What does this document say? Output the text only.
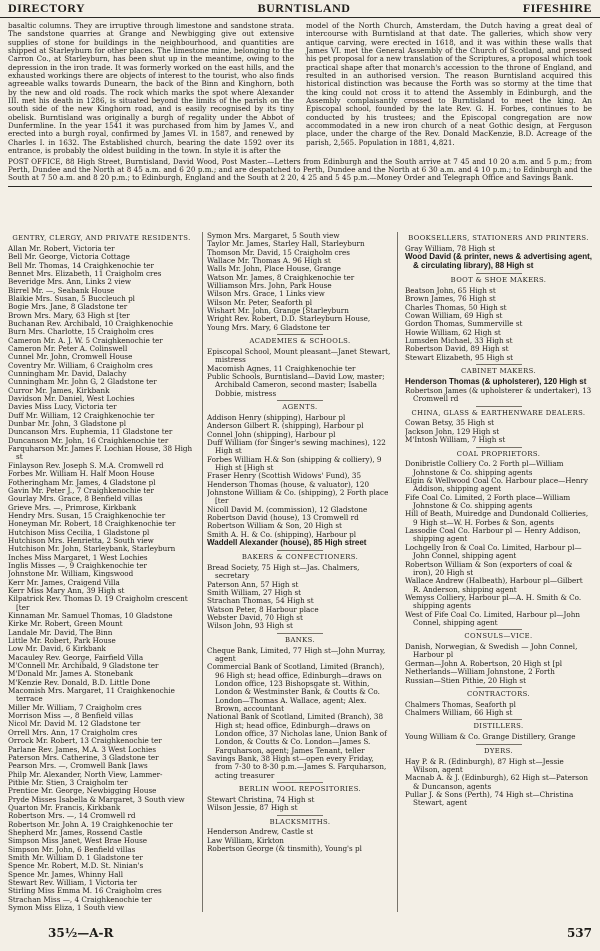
DIRECTORY	BURNTISLAND	FIFESHIRE
basaltic columns. They are irruptive through limestone and sandstone strata. The sandstone quarries at Grange and Newbigging give out extensive supplies of stone for buildings in the neighbourhood, and quantities are shipped at Starleyburn for other places. The limestone mine, belonging to the Carron Co., at Starleyburn, has been shut up in the meantime, owing to the depression in the iron trade. It was formerly worked on the east hills, and the exhausted workings there are objects of interest to the tourist, who also finds agreeable walks towards Dunearn, the back of the Binn and Kinghorn, both by the new and old roads. The rock which marks the spot where Alexander III. met his death in 1286, is situated beyond the limits of the parish on the south side of the new Kinghorn road, and is easily recognised by its tiny obelisk. Burntisland was originally a burgh of regality under the Abbot of Dunfermline. In the year 1541 it was purchased from him by James V., and erected into a burgh royal, confirmed by James VI. in 1587, and renewed by Charles I. in 1632. The Established church, bearing the date 1592 over its entrance, is probably the oldest building in the town. In style it is after the
model of the North Church, Amsterdam, the Dutch having a great deal of intercourse with Burntisland at that date. The galleries, which show very antique carving, were erected in 1618, and it was within these walls that James VI. met the General Assembly of the Church of Scotland, and pressed his pet proposal for a new translation of the Scriptures, a proposal which took practical shape after that monarch's accession to the throne of England, and resulted in an authorised version. The reason Burntisland acquired this historical distinction was because the Forth was so stormy at the time that the king could not cross it to attend the Assembly in Edinburgh, and the Assembly complaisantly crossed to Burntisland to meet the king. An Episcopal school, founded by the late Rev. G. H. Forbes, continues to be conducted by his trustees; and the Episcopal congregation are now accommodated in a new iron church of a neat Gothic design, at Ferguson place, under the charge of the Rev. Donald MacKenzie, B.D. Acreage of the parish, 2,565. Population in 1881, 4,821.
POST OFFICE, 88 High Street, Burntisland, David Wood, Post Master.—Letters from Edinburgh and the South arrive at 7 45 and 10 20 a.m. and 5 p.m.; from Perth, Dundee and the North at 8 45 a.m. and 6 20 p.m.; and are despatched to Perth, Dundee and the North at 6 30 a.m. and 4 10 p.m.; to Edinburgh and the South at 7 50 a.m. and 8 20 p.m.; to Edinburgh, England and the South at 2 20, 4 25 and 5 45 p.m.—Money Order and Telegraph Office and Savings Bank.
GENTRY, CLERGY, AND PRIVATE RESIDENTS.
Allan Mr. Robert, Victoria ter
Bell Mr. George, Victoria Cottage
Bell Mr. Thomas, 14 Craighkenochie ter
Bennet Mrs. Elizabeth, 11 Craigholm cres
Beveridge Mrs. Ann, Links 2 view
Birrel Mr. —, Seabank House
Blaikie Mrs. Susan, 5 Buccleuch pl
Bogie Mrs. Jane, 8 Gladstone ter
Brown Mrs. Mary, 63 High st [ter
Buchanan Rev. Archibald, 10 Craighkenochie
Burn Mrs. Charlotte, 15 Craigholm cres
Cameron Mr. A. J. W. 5 Craighkenochie ter
Cameron Mr. Peter A. Colinswell
Cunnel Mr. John, Cromwell House
Coventry Mr. William, 6 Craigholm cres
Cunningham Mr. David, Dalachy
Cunningham Mr. John G, 2 Gladstone ter
Curror Mr. James, Kirkbank
Davidson Mr. Daniel, West Lochies
Davies Miss Lucy, Victoria ter
Duff Mr. William, 12 Craighkenochie ter
Dunbar Mr. John, 3 Gladstone pl
Duncanson Mrs. Euphemia, 11 Gladstone ter
Duncanson Mr. John, 16 Craighkenochie ter
Farquharson Mr. James F. Lochian House, 38 High st
Finlayson Rev. Joseph S. M.A. Cromwell rd
Forbes Mr. William H. Half Moon House
Fotheringham Mr. James, 4 Gladstone pl
Gavin Mr. Peter J., 7 Craighkenochie ter
Gourlay Mrs. Grace, 8 Benfield villas
Grieve Mrs. —, Primrose, Kirkbank
Hendry Mrs. Susan, 15 Craighkenochie ter
Honeyman Mr. Robert, 18 Craighkenochie ter
Hutchison Miss Cecilia, 1 Gladstone pl
Hutchison Mrs. Henrietta, 2 South view
Hutchison Mr. John, Starleybank, Starleyburn
Inches Miss Margaret, 1 West Lochies
Inglis Misses —, 9 Craighkenochie ter
Johnstone Mr. William, Kingswood
Kerr Mr. James, Craigend Villa
Kerr Miss Mary Ann, 39 High st
Kilpatrick Rev. Thomas D. 19 Craigholm crescent [ter
Kinnaman Mr. Samuel Thomas, 10 Gladstone
Kirke Mr. Robert, Green Mount
Landale Mr. David, The Binn
Little Mr. Robert, Park House
Low Mr. David, 6 Kirkbank
Macauley Rev. George, Fairfield Villa
M'Connell Mr. Archibald, 9 Gladstone ter
M'Donald Mr. James A. Stonebank
M'Kenzie Rev. Donald, B.D. Little Done
Macomish Mrs. Margaret, 11 Craighkenochie terrace
Miller Mr. William, 7 Craigholm cres
Morrison Miss —, 8 Benfield villas
Nicol Mr. David M. 12 Gladstone ter
Orrell Mrs. Ann, 17 Craigholm cres
Orrock Mr. Robert, 13 Craighkenochie ter
Parlane Rev. James, M.A. 3 West Lochies
Paterson Mrs. Catherine, 3 Gladstone ter
Pearson Mrs. —, Cromwell Bank [laws
Philp Mr. Alexander, North View, Lammer-
Pitbie Mr. Stien, 3 Craigholm ter
Prentice Mr. George, Newbigging House
Pryde Misses Isabella & Margaret, 3 South view
Quarton Mr. Francis, Kirkbank
Robertson Mrs. —, 14 Cromwell rd
Robertson Mr. John A. 19 Craighkenochie ter
Shepherd Mr. James, Rossend Castle
Simpson Miss Janet, West Brae House
Simpson Mr. John, 6 Benfield villas
Smith Mr. William D. 1 Gladstone ter
Spence Mr. Robert, M.D. St. Ninian's
Spence Mr. James, Whinny Hall
Stewart Rev. William, 1 Victoria ter
Stirling Miss Emma M. 16 Craigholm cres
Strachan Miss —, 4 Craighkenochie ter
Symon Miss Eliza, 1 South view
Symon Mrs. Margaret, 5 South view
Taylor Mr. James, Starley Hall, Starleyburn
Thomson Mr. David, 15 Craigholm cres
Wallace Mr. Thomas A. 96 High st
Walls Mr. John, Place House, Grange
Watson Mr. James, 8 Craighkenochie ter
Williamson Mrs. John, Park House
Wilson Mrs. Grace, 1 Links view
Wilson Mr. Peter, Seaforth pl
Wishart Mr. John, Grange [Starleyburn
Wright Rev. Robert, D.D. Starleyburn House,
Young Mrs. Mary, 6 Gladstone ter
ACADEMIES & SCHOOLS.
Episcopal School, Mount pleasant—Janet Stewart, mistress
Macomish Agnes, 11 Craighkenochie ter
Public Schools, Burntisland—David Low, master; Archibald Cameron, second master; Isabella Dobbie, mistress
AGENTS.
Addison Henry (shipping), Harbour pl
Anderson Gilbert R. (shipping), Harbour pl
Connel John (shipping), Harbour pl
Duff William (for Singer's sewing machines), 122 High st
Forbes William H.& Son (shipping & colliery), 9 High st [High st
Fraser Henry (Scottish Widows' Fund), 35
Henderson Thomas (house, & valuator), 120
Johnstone William & Co. (shipping), 2 Forth place [ter
Nicoll David M. (commission), 12 Gladstone
Robertson David (house), 13 Cromwell rd
Robertson William & Son, 20 High st
Smith A. H. & Co. (shipping), Harbour pl
Waddell Alexander (house), 85 High street
BAKERS & CONFECTIONERS.
Bread Society, 75 High st—Jas. Chalmers, secretary
Paterson Ann, 57 High st
Smith William, 27 High st
Strachan Thomas, 54 High st
Watson Peter, 8 Harbour place
Webster David, 70 High st
Wilson John, 93 High st
BANKS.
Cheque Bank, Limited, 77 High st—John Murray, agent
Commercial Bank of Scotland, Limited (Branch), 96 High st; head office, Edinburgh—draws on London office, 123 Bishopsgate st. Within, London & Westminster Bank, & Coutts & Co. London—Thomas A. Wallace, agent; Alex. Brown, accountant
National Bank of Scotland, Limited (Branch), 38 High st; head office, Edinburgh—draws on London office, 37 Nicholas lane, Union Bank of London, & Coutts & Co. London—James S. Farquharson, agent; James Tenant, teller
Savings Bank, 38 High st—open every Friday, from 7-30 to 8-30 p.m.—James S. Farquharson, acting treasurer
BERLIN WOOL REPOSITORIES.
Stewart Christina, 74 High st
Wilson Jessie, 87 High st
BLACKSMITHS.
Henderson Andrew, Castle st
Law William, Kirkton
Robertson George (& tinsmith), Young's pl
BOOKSELLERS, STATIONERS AND PRINTERS.
Gray William, 78 High st
Wood David (& printer, news & advertising agent, & circulating library), 88 High st
BOOT & SHOE MAKERS.
Beatson John, 65 High st
Brown James, 76 High st
Charles Thomas, 50 High st
Cowan William, 69 High st
Gordon Thomas, Summerville st
Howie William, 62 High st
Lumsden Michael, 33 High st
Robertson David, 89 High st
Stewart Elizabeth, 95 High st
CABINET MAKERS.
Henderson Thomas (& upholsterer), 120 High st
Robertson James (& upholsterer & undertaker), 13 Cromwell rd
CHINA, GLASS & EARTHENWARE DEALERS.
Cowan Betsy, 35 High st
Jackson John, 129 High st
M'Intosh William, 7 High st
COAL PROPRIETORS.
Donibristle Colliery Co. 2 Forth pl—William Johnstone & Co. shipping agents
Elgin & Wellwood Coal Co. Harbour place—Henry Addison, shipping agent
Fife Coal Co. Limited, 2 Forth place—William Johnstone & Co. shipping agents
Hill of Beath, Muiredge and Dundonald Collieries, 9 High st—W. H. Forbes & Son, agents
Lassodie Coal Co. Harbour pl — Henry Addison, shipping agent
Lochgelly Iron & Coal Co. Limited, Harbour pl—John Connel, shipping agent
Robertson William & Son (exporters of coal & iron), 20 High st
Wallace Andrew (Halbeath), Harbour pl—Gilbert R. Anderson, shipping agent
Wemyss Colliery, Harbour pl—A. H. Smith & Co. shipping agents
West of Fife Coal Co. Limited, Harbour pl—John Connel, shipping agent
CONSULS—VICE.
Danish, Norwegian, & Swedish — John Connel, Harbour pl
German—John A. Robertson, 20 High st [pl
Netherlands—William Johnstone, 2 Forth
Russian—Stien Pithie, 20 High st
CONTRACTORS.
Chalmers Thomas, Seaforth pl
Chalmers William, 66 High st
DISTILLERS.
Young William & Co. Grange Distillery, Grange
DYERS.
Hay P. & R. (Edinburgh), 87 High st—Jessie Wilson, agent
Macnab A. & J. (Edinburgh), 62 High st—Paterson & Duncanson, agents
Pullar J. & Sons (Perth), 74 High st—Christina Stewart, agent
35½—A-R	537
